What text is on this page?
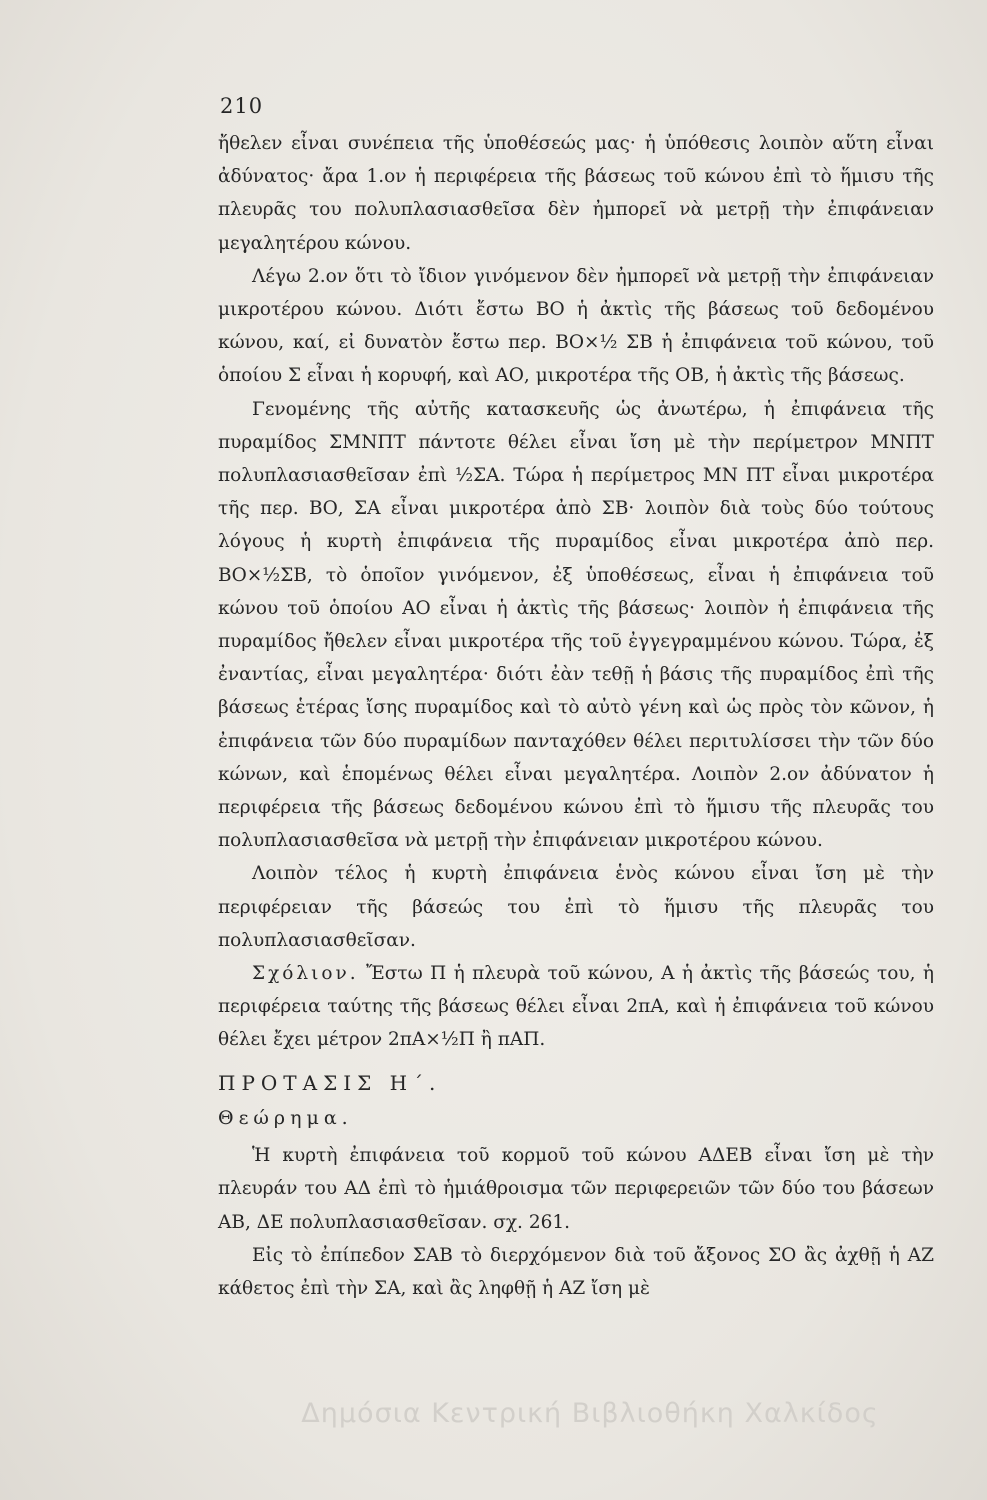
210

ἤθελεν εἶναι συνέπεια τῆς ὑποθέσεώς μας· ἡ ὑπόθεσις λοιπὸν αὕτη εἶναι ἀδύνατος· ἄρα 1.ον ἡ περιφέρεια τῆς βάσεως τοῦ κώνου ἐπὶ τὸ ἥμισυ τῆς πλευρᾶς του πολυπλασιασθεῖσα δὲν ἠμπορεῖ νὰ μετρῇ τὴν ἐπιφάνειαν μεγαλητέρου κώνου.

Λέγω 2.ον ὅτι τὸ ἴδιον γινόμενον δὲν ἠμπορεῖ νὰ μετρῇ τὴν ἐπιφάνειαν μικροτέρου κώνου. Διότι ἔστω ΒΟ ἡ ἀκτὶς τῆς βάσεως τοῦ δεδομένου κώνου, καί, εἰ δυνατὸν ἔστω περ. ΒΟ×½ ΣΒ ἡ ἐπιφάνεια τοῦ κώνου, τοῦ ὁποίου Σ εἶναι ἡ κορυφή, καὶ ΑΟ, μικροτέρα τῆς ΟΒ, ἡ ἀκτὶς τῆς βάσεως.

Γενομένης τῆς αὐτῆς κατασκευῆς ὡς ἀνωτέρω, ἡ ἐπιφάνεια τῆς πυραμίδος ΣΜΝΠΤ πάντοτε θέλει εἶναι ἴση μὲ τὴν περίμετρον ΜΝΠΤ πολυπλασιασθεῖσαν ἐπὶ ½ΣΑ. Τώρα ἡ περίμετρος ΜΝ ΠΤ εἶναι μικροτέρα τῆς περ. ΒΟ, ΣΑ εἶναι μικροτέρα ἀπὸ ΣΒ· λοιπὸν διὰ τοὺς δύο τούτους λόγους ἡ κυρτὴ ἐπιφάνεια τῆς πυραμίδος εἶναι μικροτέρα ἀπὸ περ. ΒΟ×½ΣΒ, τὸ ὁποῖον γινόμενον, ἐξ ὑποθέσεως, εἶναι ἡ ἐπιφάνεια τοῦ κώνου τοῦ ὁποίου ΑΟ εἶναι ἡ ἀκτὶς τῆς βάσεως· λοιπὸν ἡ ἐπιφάνεια τῆς πυραμίδος ἤθελεν εἶναι μικροτέρα τῆς τοῦ ἐγγεγραμμένου κώνου. Τώρα, ἐξ ἐναντίας, εἶναι μεγαλητέρα· διότι ἐὰν τεθῇ ἡ βάσις τῆς πυραμίδος ἐπὶ τῆς βάσεως ἑτέρας ἴσης πυραμίδος καὶ τὸ αὐτὸ γένη καὶ ὡς πρὸς τὸν κῶνον, ἡ ἐπιφάνεια τῶν δύο πυραμίδων πανταχόθεν θέλει περιτυλίσσει τὴν τῶν δύο κώνων, καὶ ἑπομένως θέλει εἶναι μεγαλητέρα. Λοιπὸν 2.ον ἀδύνατον ἡ περιφέρεια τῆς βάσεως δεδομένου κώνου ἐπὶ τὸ ἥμισυ τῆς πλευρᾶς του πολυπλασιασθεῖσα νὰ μετρῇ τὴν ἐπιφάνειαν μικροτέρου κώνου.

Λοιπὸν τέλος ἡ κυρτὴ ἐπιφάνεια ἑνὸς κώνου εἶναι ἴση μὲ τὴν περιφέρειαν τῆς βάσεώς του ἐπὶ τὸ ἥμισυ τῆς πλευρᾶς του πολυπλασιασθεῖσαν.

Σχόλιον. Ἔστω Π ἡ πλευρὰ τοῦ κώνου, Α ἡ ἀκτὶς τῆς βάσεώς του, ἡ περιφέρεια ταύτης τῆς βάσεως θέλει εἶναι 2πΑ, καὶ ἡ ἐπιφάνεια τοῦ κώνου θέλει ἔχει μέτρον 2πΑ×½Π ἢ πΑΠ.

ΠΡΟΤΑΣΙΣ Η΄.

Θεώρημα.

Ἡ κυρτὴ ἐπιφάνεια τοῦ κορμοῦ τοῦ κώνου ΑΔΕΒ εἶναι ἴση μὲ τὴν πλευράν του ΑΔ ἐπὶ τὸ ἡμιάθροισμα τῶν περιφερειῶν τῶν δύο του βάσεων ΑΒ, ΔΕ πολυπλασιασθεῖσαν. σχ. 261.

Εἰς τὸ ἐπίπεδον ΣΑΒ τὸ διερχόμενον διὰ τοῦ ἄξονος ΣΟ ἂς ἀχθῇ ἡ ΑΖ κάθετος ἐπὶ τὴν ΣΑ, καὶ ἂς ληφθῇ ἡ ΑΖ ἴση μὲ

Δημόσια Κεντρική Βιβλιοθήκη Χαλκίδος
